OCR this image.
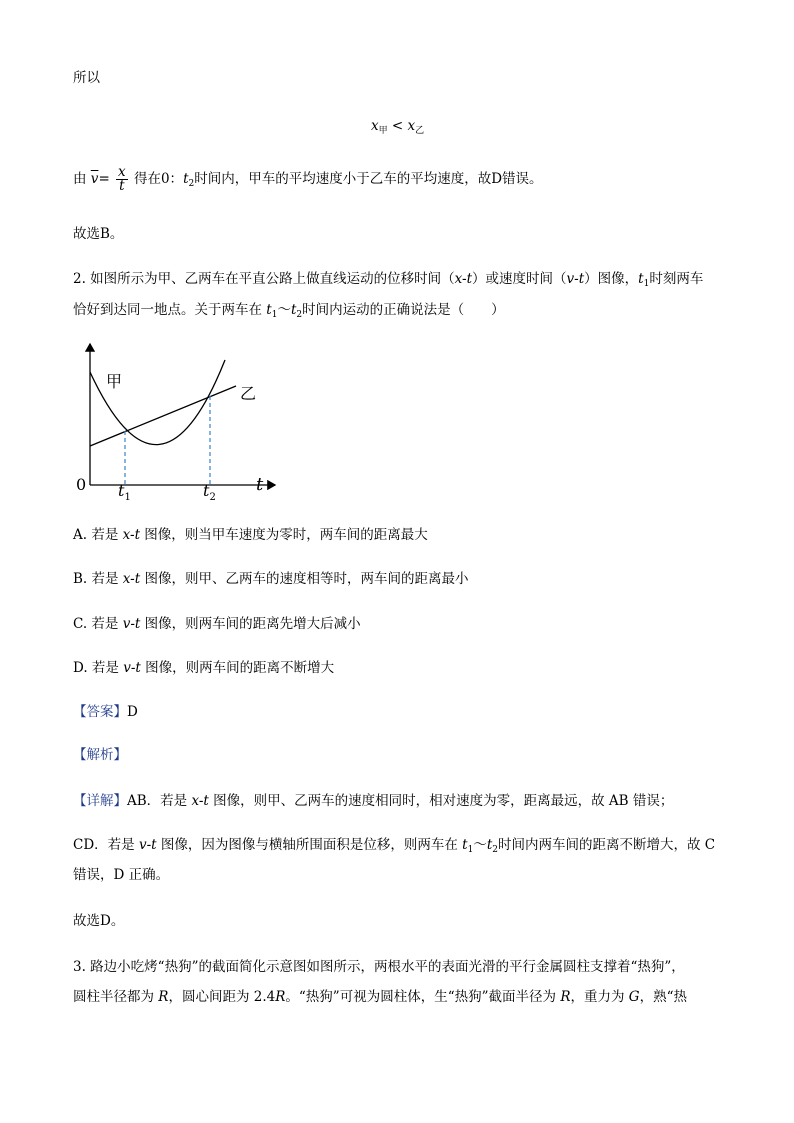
所以
$x_甲 < x_乙$
由 $\overline{v}= \frac{x}{t}$ 得在0：$t_2$时间内，甲车的平均速度小于乙车的平均速度，故D错误。
故选B。
2. 如图所示为甲、乙两车在平直公路上做直线运动的位移时间（x-t）或速度时间（v-t）图像，$t_1$时刻两车
恰好到达同一地点。关于两车在 $t_1\sim t_2$时间内运动的正确说法是（　　）
甲
乙
0	t
$t_1$	$t_2$
A. 若是 x-t 图像，则当甲车速度为零时，两车间的距离最大
B. 若是 x-t 图像，则甲、乙两车的速度相等时，两车间的距离最小
C. 若是 v-t 图像，则两车间的距离先增大后减小
D. 若是 v-t 图像，则两车间的距离不断增大
【答案】D
【解析】
【详解】AB．若是 x-t 图像，则甲、乙两车的速度相同时，相对速度为零，距离最远，故 AB 错误；
CD．若是 v-t 图像，因为图像与横轴所围面积是位移，则两车在 $t_1\sim t_2$时间内两车间的距离不断增大，故 C
错误，D 正确。
故选D。
3. 路边小吃烤“热狗”的截面简化示意图如图所示，两根水平的表面光滑的平行金属圆柱支撑着“热狗”，
圆柱半径都为 R，圆心间距为 2.4R。“热狗”可视为圆柱体，生“热狗”截面半径为 R，重力为 G，熟“热
